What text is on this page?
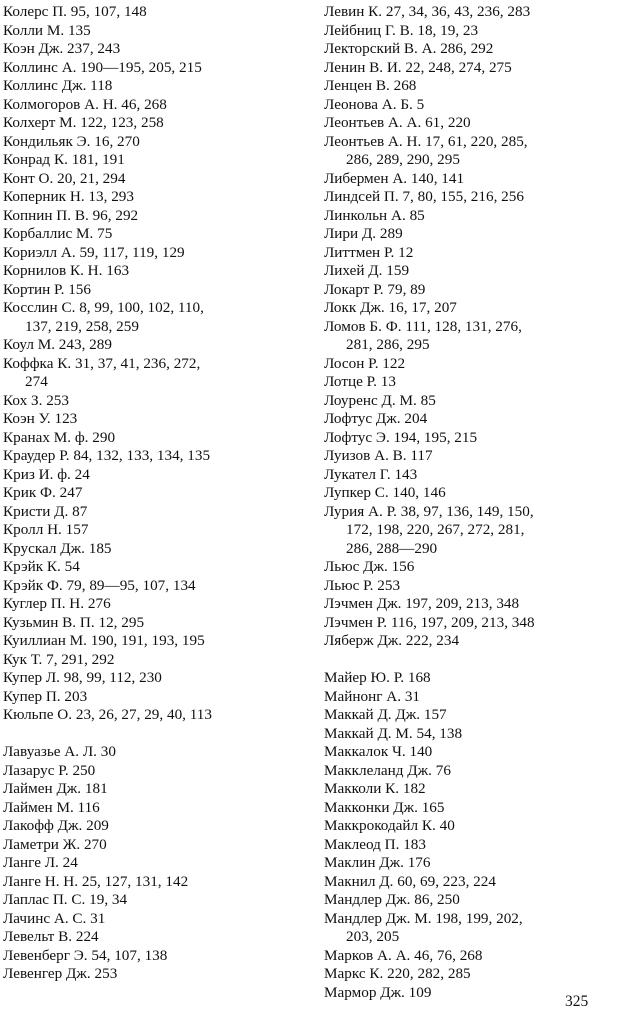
Колерс П. 95, 107, 148
Колли М. 135
Коэн Дж. 237, 243
Коллинс А. 190—195, 205, 215
Коллинс Дж. 118
Колмогоров А. Н. 46, 268
Колхерт М. 122, 123, 258
Кондильяк Э. 16, 270
Конрад К. 181, 191
Конт О. 20, 21, 294
Коперник Н. 13, 293
Копнин П. В. 96, 292
Корбаллис М. 75
Кориэлл А. 59, 117, 119, 129
Корнилов К. Н. 163
Кортин Р. 156
Косслин С. 8, 99, 100, 102, 110,
137, 219, 258, 259
Коул М. 243, 289
Коффка К. 31, 37, 41, 236, 272,
274
Кох З. 253
Коэн У. 123
Кранах М. ф. 290
Краудер Р. 84, 132, 133, 134, 135
Криз И. ф. 24
Крик Ф. 247
Кристи Д. 87
Кролл Н. 157
Крускал Дж. 185
Крэйк К. 54
Крэйк Ф. 79, 89—95, 107, 134
Куглер П. Н. 276
Кузьмин В. П. 12, 295
Куиллиан М. 190, 191, 193, 195
Кук Т. 7, 291, 292
Купер Л. 98, 99, 112, 230
Купер П. 203
Кюльпе О. 23, 26, 27, 29, 40, 113
Лавуазье А. Л. 30
Лазарус Р. 250
Лаймен Дж. 181
Лаймен М. 116
Лакофф Дж. 209
Ламетри Ж. 270
Ланге Л. 24
Ланге Н. Н. 25, 127, 131, 142
Лаплас П. С. 19, 34
Лачинс А. С. 31
Левельт В. 224
Левенберг Э. 54, 107, 138
Левенгер Дж. 253
Левин К. 27, 34, 36, 43, 236, 283
Лейбниц Г. В. 18, 19, 23
Лекторский В. А. 286, 292
Ленин В. И. 22, 248, 274, 275
Ленцен В. 268
Леонова А. Б. 5
Леонтьев А. А. 61, 220
Леонтьев А. Н. 17, 61, 220, 285,
286, 289, 290, 295
Либермен А. 140, 141
Линдсей П. 7, 80, 155, 216, 256
Линкольн А. 85
Лири Д. 289
Литтмен Р. 12
Лихей Д. 159
Локарт Р. 79, 89
Локк Дж. 16, 17, 207
Ломов Б. Ф. 111, 128, 131, 276,
281, 286, 295
Лосон Р. 122
Лотце Р. 13
Лоуренс Д. М. 85
Лофтус Дж. 204
Лофтус Э. 194, 195, 215
Луизов А. В. 117
Лукател Г. 143
Лупкер С. 140, 146
Лурия А. Р. 38, 97, 136, 149, 150,
172, 198, 220, 267, 272, 281,
286, 288—290
Льюс Дж. 156
Льюс Р. 253
Лэчмен Дж. 197, 209, 213, 348
Лэчмен Р. 116, 197, 209, 213, 348
Ляберж Дж. 222, 234
Майер Ю. Р. 168
Майнонг А. 31
Маккай Д. Дж. 157
Маккай Д. М. 54, 138
Маккалок Ч. 140
Макклеланд Дж. 76
Макколи К. 182
Макконки Дж. 165
Маккрокодайл К. 40
Маклеод П. 183
Маклин Дж. 176
Макнил Д. 60, 69, 223, 224
Мандлер Дж. 86, 250
Мандлер Дж. М. 198, 199, 202,
203, 205
Марков А. А. 46, 76, 268
Маркс К. 220, 282, 285
Мармор Дж. 109
325
